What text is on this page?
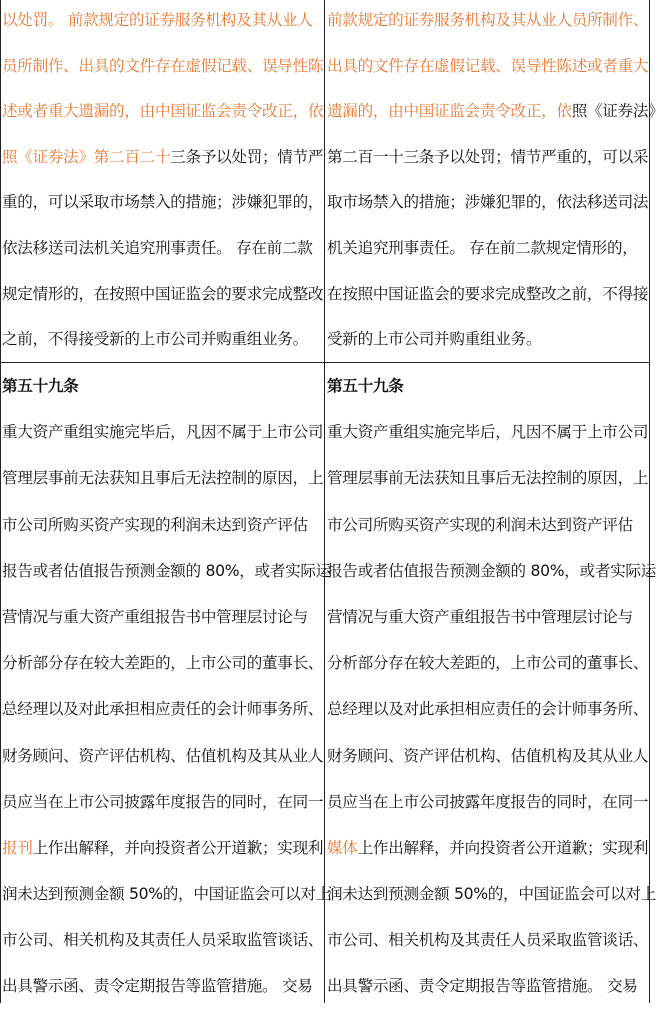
以处罚。 前款规定的证券服务机构及其从业人
员所制作、出具的文件存在虚假记载、误导性陈
述或者重大遗漏的，由中国证监会责令改正，依
照《证券法》第二百二十三条予以处罚；情节严
重的，可以采取市场禁入的措施；涉嫌犯罪的，
依法移送司法机关追究刑事责任。 存在前二款
规定情形的，在按照中国证监会的要求完成整改
之前，不得接受新的上市公司并购重组业务。
前款规定的证券服务机构及其从业人员所制作、
出具的文件存在虚假记载、误导性陈述或者重大
遗漏的，由中国证监会责令改正，依照《证券法》
第二百一十三条予以处罚；情节严重的，可以采
取市场禁入的措施；涉嫌犯罪的，依法移送司法
机关追究刑事责任。 存在前二款规定情形的，
在按照中国证监会的要求完成整改之前，不得接
受新的上市公司并购重组业务。
第五十九条
重大资产重组实施完毕后，凡因不属于上市公司
管理层事前无法获知且事后无法控制的原因，上
市公司所购买资产实现的利润未达到资产评估
报告或者估值报告预测金额的 80%，或者实际运
营情况与重大资产重组报告书中管理层讨论与
分析部分存在较大差距的，上市公司的董事长、
总经理以及对此承担相应责任的会计师事务所、
财务顾问、资产评估机构、估值机构及其从业人
员应当在上市公司披露年度报告的同时，在同一
报刊上作出解释，并向投资者公开道歉；实现利
润未达到预测金额 50%的，中国证监会可以对上
市公司、相关机构及其责任人员采取监管谈话、
出具警示函、责令定期报告等监管措施。 交易
第五十九条
重大资产重组实施完毕后，凡因不属于上市公司
管理层事前无法获知且事后无法控制的原因，上
市公司所购买资产实现的利润未达到资产评估
报告或者估值报告预测金额的 80%，或者实际运
营情况与重大资产重组报告书中管理层讨论与
分析部分存在较大差距的，上市公司的董事长、
总经理以及对此承担相应责任的会计师事务所、
财务顾问、资产评估机构、估值机构及其从业人
员应当在上市公司披露年度报告的同时，在同一
媒体上作出解释，并向投资者公开道歉；实现利
润未达到预测金额 50%的，中国证监会可以对上
市公司、相关机构及其责任人员采取监管谈话、
出具警示函、责令定期报告等监管措施。 交易
